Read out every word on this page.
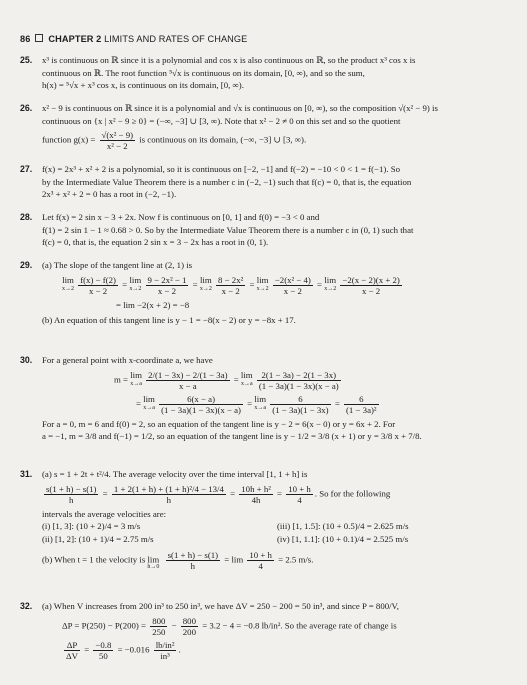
86 CHAPTER 2 LIMITS AND RATES OF CHANGE
25. x³ is continuous on ℝ since it is a polynomial and cos x is also continuous on ℝ, so the product x³ cos x is
continuous on ℝ. The root function ⁵√x is continuous on its domain, [0, ∞), and so the sum,
h(x) = ⁵√x + x³ cos x, is continuous on its domain, [0, ∞).
26. x² − 9 is continuous on ℝ since it is a polynomial and √x is continuous on [0, ∞), so the composition √(x² − 9) is
continuous on {x | x² − 9 ≥ 0} = (−∞, −3] ∪ [3, ∞). Note that x² − 2 ≠ 0 on this set and so the quotient
function $g(x) = \frac{\text{√(x² − 9)}}{\text{x² − 2}}$ is continuous on its domain, (−∞, −3] ∪ [3, ∞).
27. f(x) = 2x³ + x² + 2 is a polynomial, so it is continuous on [−2, −1] and f(−2) = −10 < 0 < 1 = f(−1). So
by the Intermediate Value Theorem there is a number c in (−2, −1) such that f(c) = 0, that is, the equation
2x³ + x² + 2 = 0 has a root in (−2, −1).
28. Let f(x) = 2 sin x − 3 + 2x. Now f is continuous on [0, 1] and f(0) = −3 < 0 and
f(1) = 2 sin 1 − 1 ≈ 0.68 > 0. So by the Intermediate Value Theorem there is a number c in (0, 1) such that
f(c) = 0, that is, the equation 2 sin x = 3 − 2x has a root in (0, 1).
29. (a) The slope of the tangent line at (2, 1) is
lim
x→2
$\frac{f(x) - f(2)}{x - 2} = \lim$
x→2
$\frac{\text{9 − 2x² − 1}}{x - 2} = \lim$
x→2
$\frac{\text{8 − 2x²}}{x - 2} = \lim$
x→2
$\frac{\text{−2(x² − 4)}}{x - 2} = \lim$
x→2
$\frac{-2(x - 2)(x + 2)}{x - 2}$
= lim −2(x + 2) = −8
(b) An equation of this tangent line is y − 1 = −8(x − 2) or y = −8x + 17.
30. For a general point with x-coordinate a, we have
m = lim
x→a
$\frac{2/(1 - 3x) - 2/(1 - 3a)}{x - a} = \lim$
x→a
$\frac{2(1 - 3a) - 2(1 - 3x)}{(1 - 3a)(1 - 3x)(x - a)}$
= lim
x→a
$\frac{6(x - a)}{(1 - 3a)(1 - 3x)(x - a)} = \lim$
x→a
$\frac{6}{(1 - 3a)(1 - 3x)} = \frac{6}{\text{(1 − 3a)²}}$
For a = 0, m = 6 and f(0) = 2, so an equation of the tangent line is y − 2 = 6(x − 0) or y = 6x + 2. For
a = −1, m = 3/8 and f(−1) = 1/2, so an equation of the tangent line is y − 1/2 = 3/8 (x + 1) or y = 3/8 x + 7/8.
31. (a) s = 1 + 2t + t²/4. The average velocity over the time interval [1, 1 + h] is
$\frac{s(1 + h) - s(1)}{h} = \frac{\text{1 + 2(1 + h) + (1 + h)²/4 − 13/4}}{h} = \frac{\text{10h + h²}}{4h} = \frac{10 + h}{4}$ . So for the following
intervals the average velocities are:
(i) [1, 3]: (10 + 2)/4 = 3 m/s	(iii) [1, 1.5]: (10 + 0.5)/4 = 2.625 m/s
(ii) [1, 2]: (10 + 1)/4 = 2.75 m/s	(iv) [1, 1.1]: (10 + 0.1)/4 = 2.525 m/s
(b) When t = 1 the velocity is lim
h→0
$\frac{s(1 + h) - s(1)}{h} = \lim \frac{10 + h}{4} = 2.5$ m/s.
32. (a) When V increases from 200 in³ to 250 in³, we have ΔV = 250 − 200 = 50 in³, and since P = 800/V,
$\Delta P = P(250) - P(200) = \frac{800}{250} - \frac{800}{200} = 3.2 - 4 = -0.8$ lb/in². So the average rate of change is
$\frac{\Delta P}{\Delta V} = \frac{-0.8}{50} = -0.016 \frac{\text{lb/in²}}{\text{in³}}$ .
